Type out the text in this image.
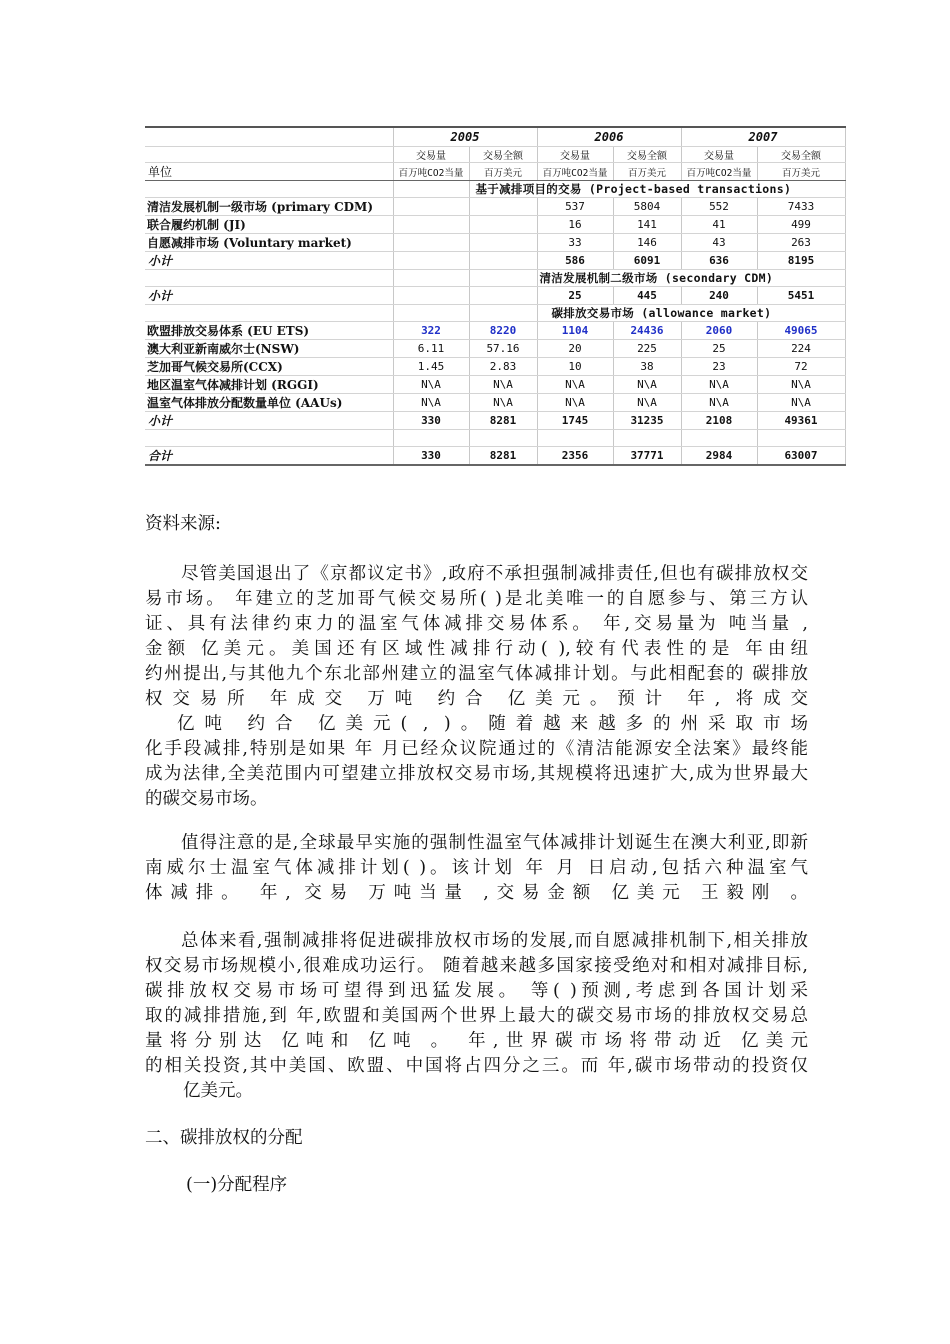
	2005		2006		2007	
	交易量	交易全额	交易量	交易全额	交易量	交易全额
单位	百万吨CO2当量	百万美元	百万吨CO2当量	百万美元	百万吨CO2当量	百万美元
		基于减排项目的交易 (Project-based transactions)				
清洁发展机制一级市场 (primary CDM)			537	5804	552	7433
联合履约机制 (JI)			16	141	41	499
自愿减排市场 (Voluntary market)			33	146	43	263
小计			586	6091	636	8195
			清洁发展机制二级市场 (secondary CDM)			
小计			25	445	240	5451
			碳排放交易市场 (allowance market)			
欧盟排放交易体系 (EU ETS)	322	8220	1104	24436	2060	49065
澳大利亚新南威尔士(NSW)	6.11	57.16	20	225	25	224
芝加哥气候交易所(CCX)	1.45	2.83	10	38	23	72
地区温室气体减排计划 (RGGI)	N\A	N\A	N\A	N\A	N\A	N\A
温室气体排放分配数量单位 (AAUs)	N\A	N\A	N\A	N\A	N\A	N\A
小计	330	8281	1745	31235	2108	49361

合计	330	8281	2356	37771	2984	63007
资料来源:
尽管美国退出了《京都议定书》,政府不承担强制减排责任,但也有碳排放权交
易市场。 年建立的芝加哥气候交易所( )是北美唯一的自愿参与、第三方认
证、具有法律约束力的温室气体减排交易体系。 年,交易量为 吨当量 ,
金额 亿美元。美国还有区域性减排行动( ),较有代表性的是 年由纽
约州提出,与其他九个东北部州建立的温室气体减排计划。与此相配套的 碳排放
权交易所 年成交 万吨 约合 亿美元。预计 年, 将成交
亿吨 约合 亿美元( , )。随着越来越多的州采取市场
化手段减排,特别是如果 年 月已经众议院通过的《清洁能源安全法案》最终能
成为法律,全美范围内可望建立排放权交易市场,其规模将迅速扩大,成为世界最大
的碳交易市场。
值得注意的是,全球最早实施的强制性温室气体减排计划诞生在澳大利亚,即新
南威尔士温室气体减排计划( )。该计划 年 月 日启动,包括六种温室气
体减排。 年, 交易 万吨当量 ,交易金额 亿美元 王毅刚 。
总体来看,强制减排将促进碳排放权市场的发展,而自愿减排机制下,相关排放
权交易市场规模小,很难成功运行。 随着越来越多国家接受绝对和相对减排目标,
碳排放权交易市场可望得到迅猛发展。 等( )预测,考虑到各国计划采
取的减排措施,到 年,欧盟和美国两个世界上最大的碳交易市场的排放权交易总
量将分别达 亿吨和 亿吨 。 年,世界碳市场将带动近 亿美元
的相关投资,其中美国、欧盟、中国将占四分之三。而 年,碳市场带动的投资仅
亿美元。
二、碳排放权的分配
(一)分配程序
